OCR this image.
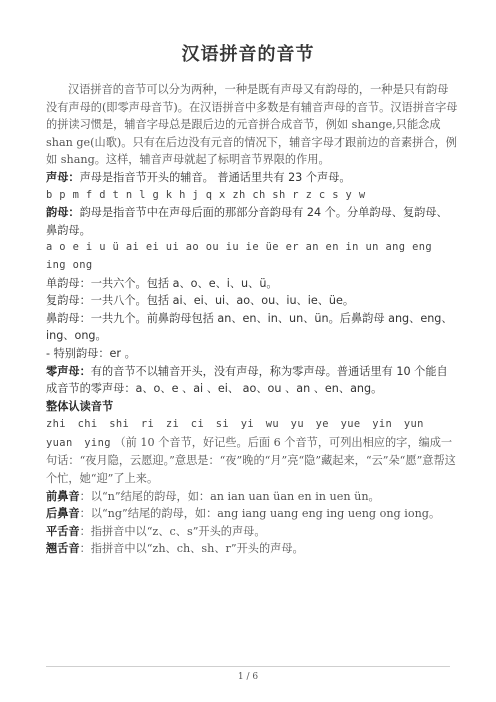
汉语拼音的音节

汉语拼音的音节可以分为两种，一种是既有声母又有韵母的，一种是只有韵母没有声母的(即零声母音节)。在汉语拼音中多数是有辅音声母的音节。汉语拼音字母的拼读习惯是，辅音字母总是跟后边的元音拼合成音节，例如 shange,只能念成 shan ge(山歌)。只有在后边没有元音的情况下，辅音字母才跟前边的音素拼合，例如 shang。这样，辅音声母就起了标明音节界限的作用。

声母：声母是指音节开头的辅音。 普通话里共有 23 个声母。

b p m f d t n l g k h j q x zh ch sh r z c s y w

韵母：韵母是指音节中在声母后面的那部分音韵母有 24 个。分单韵母、复韵母、鼻韵母。

a o e i u ü ai ei ui ao ou iu ie üe er an en in un ang eng ing ong

单韵母：一共六个。包括 a、o、e、i、u、ü。

复韵母：一共八个。包括 ai、ei、ui、ao、ou、iu、ie、üe。

鼻韵母：一共九个。前鼻韵母包括 an、en、in、un、ün。后鼻韵母 ang、eng、ing、ong。

- 特别韵母：er 。

零声母：有的音节不以辅音开头，没有声母，称为零声母。普通话里有 10 个能自成音节的零声母：a、o、e 、ai 、ei、 ao、ou 、an 、en、ang。

整体认读音节

zhi chi shi ri zi ci si yi wu yu ye yue yin yun yuan ying （前 10 个音节，好记些。后面 6 个音节，可列出相应的字，编成一句话：“夜月隐，云愿迎。”意思是：“夜”晚的“月”亮“隐”藏起来，“云”朵“愿”意帮这个忙，她“迎”了上来。

前鼻音：以“n”结尾的韵母，如：an ian uan üan en in uen ün。

后鼻音：以“ng”结尾的韵母，如：ang iang uang eng ing ueng ong iong。

平舌音：指拼音中以“z、c、s”开头的声母。

翘舌音：指拼音中以“zh、ch、sh、r”开头的声母。

1 / 6
